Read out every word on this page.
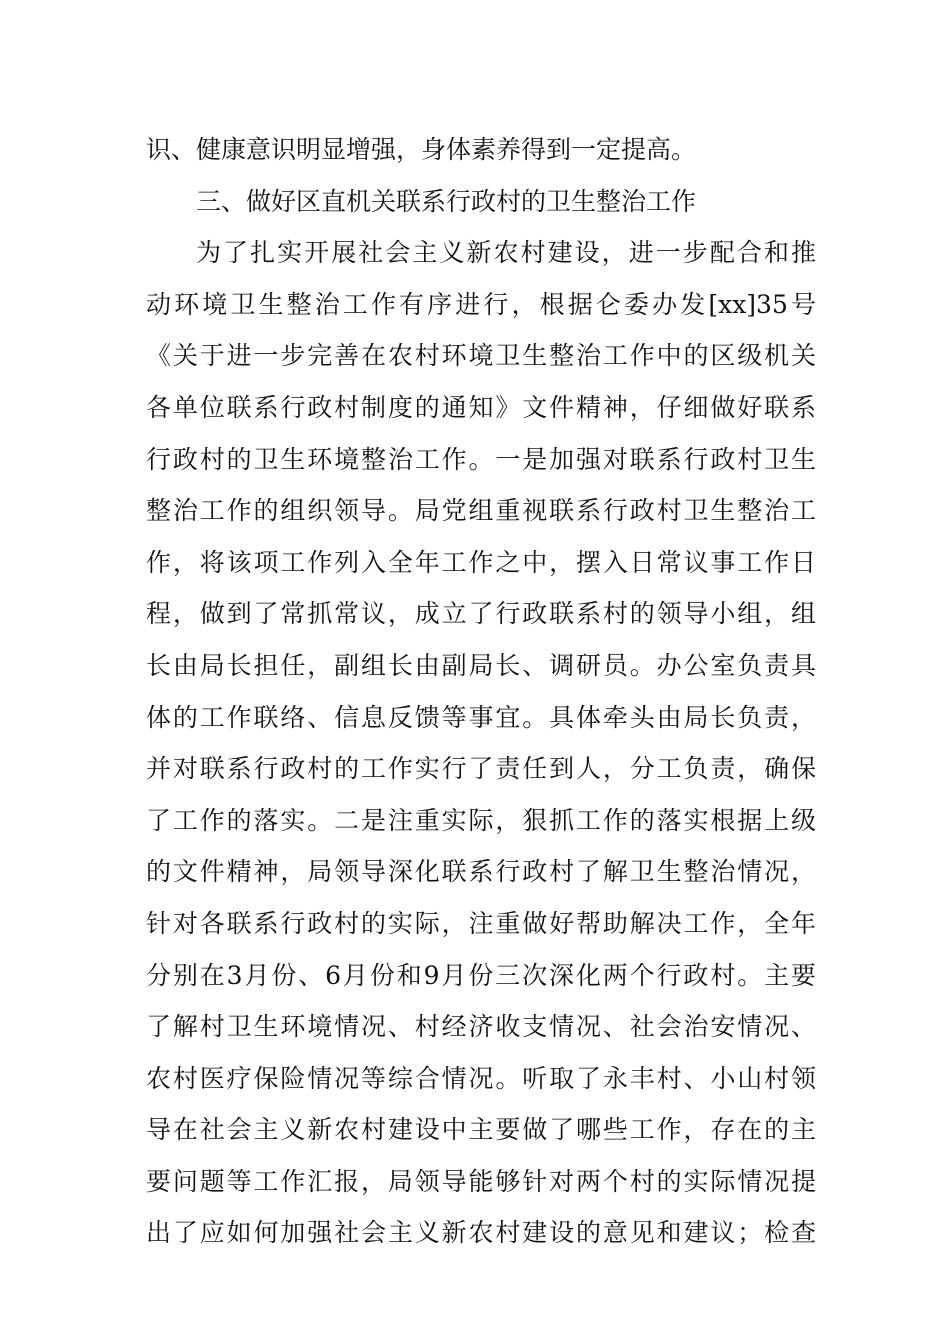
识、健康意识明显增强，身体素养得到一定提高。
三、做好区直机关联系行政村的卫生整治工作
为了扎实开展社会主义新农村建设，进一步配合和推
动环境卫生整治工作有序进行，根据仑委办发[xx]35号
《关于进一步完善在农村环境卫生整治工作中的区级机关
各单位联系行政村制度的通知》文件精神，仔细做好联系
行政村的卫生环境整治工作。一是加强对联系行政村卫生
整治工作的组织领导。局党组重视联系行政村卫生整治工
作，将该项工作列入全年工作之中，摆入日常议事工作日
程，做到了常抓常议，成立了行政联系村的领导小组，组
长由局长担任，副组长由副局长、调研员。办公室负责具
体的工作联络、信息反馈等事宜。具体牵头由局长负责，
并对联系行政村的工作实行了责任到人，分工负责，确保
了工作的落实。二是注重实际，狠抓工作的落实根据上级
的文件精神，局领导深化联系行政村了解卫生整治情况，
针对各联系行政村的实际，注重做好帮助解决工作，全年
分别在3月份、6月份和9月份三次深化两个行政村。主要
了解村卫生环境情况、村经济收支情况、社会治安情况、
农村医疗保险情况等综合情况。听取了永丰村、小山村领
导在社会主义新农村建设中主要做了哪些工作，存在的主
要问题等工作汇报，局领导能够针对两个村的实际情况提
出了应如何加强社会主义新农村建设的意见和建议；检查
